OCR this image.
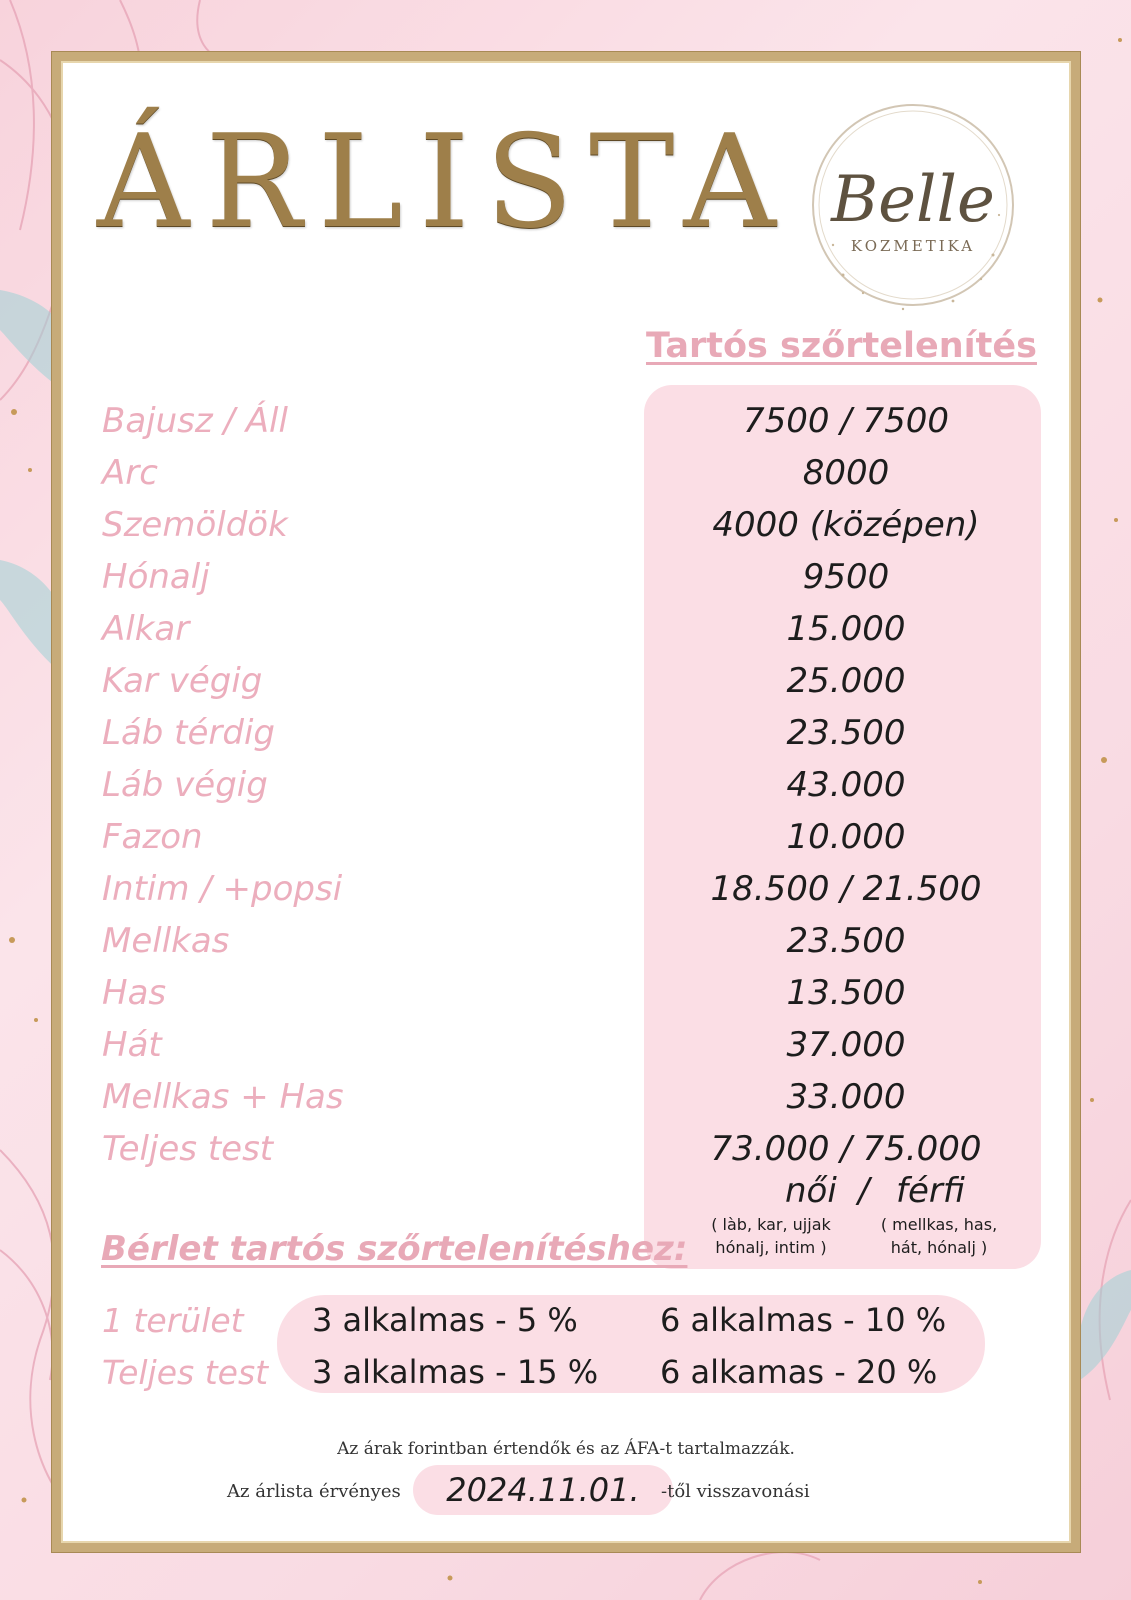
ÁRLISTA Belle
KOZMETIKA
Tartós szőrtelenítés
Bajusz / Áll	7500 / 7500
Arc	8000
Szemöldök	4000 (középen)
Hónalj	9500
Alkar	15.000
Kar végig	25.000
Láb térdig	23.500
Láb végig	43.000
Fazon	10.000
Intim / +popsi	18.500 / 21.500
Mellkas	23.500
Has	13.500
Hát	37.000
Mellkas + Has	33.000
Teljes test	73.000 / 75.000
női / férfi
( làb, kar, ujjak
hónalj, intim )
( mellkas, has,
hát, hónalj )
Bérlet tartós szőrtelenítéshez:
1 terület 3 alkalmas - 5 %	6 alkalmas - 10 %
Teljes test 3 alkalmas - 15 % 6 alkamas - 20 %
Az árak forintban értendők és az ÁFA-t tartalmazzák.
Az árlista érvényes	2024.11.01.	-től visszavonási
